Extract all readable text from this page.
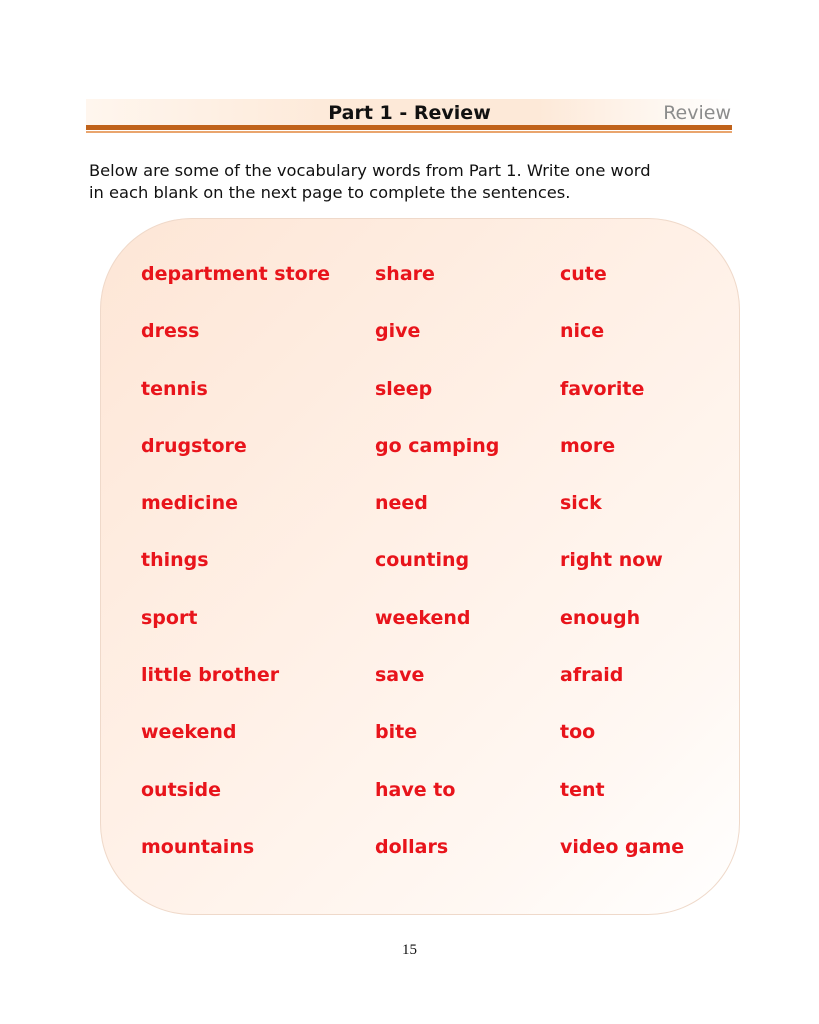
Part 1 - Review	Review
Below are some of the vocabulary words from Part 1. Write one word
in each blank on the next page to complete the sentences.
department store	share	cute
dress	give	nice
tennis	sleep	favorite
drugstore	go camping	more
medicine	need	sick
things	counting	right now
sport	weekend	enough
little brother	save	afraid
weekend	bite	too
outside	have to	tent
mountains	dollars	video game
15
